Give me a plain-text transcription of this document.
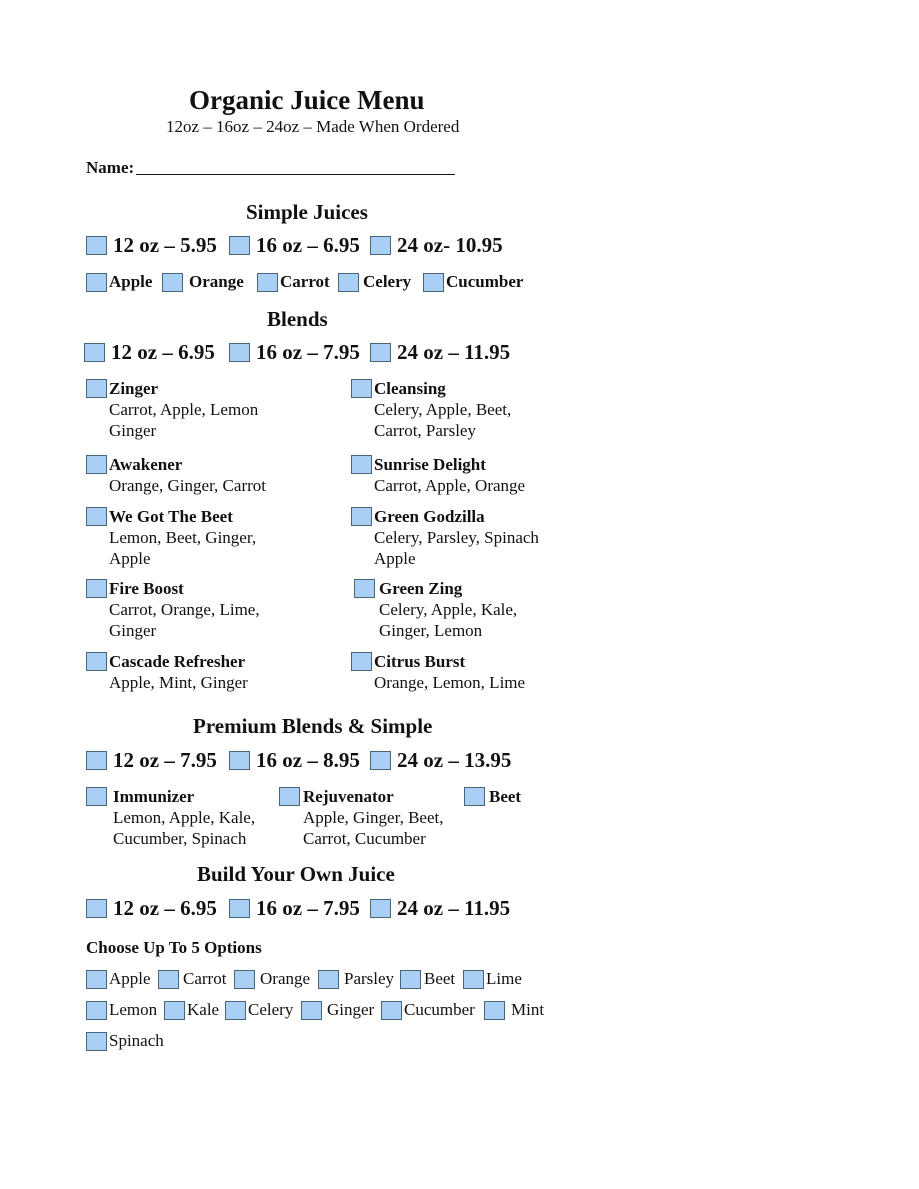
Organic Juice Menu
12oz – 16oz – 24oz – Made When Ordered
Name:
Simple Juices
12 oz – 5.95 16 oz – 6.95 24 oz- 10.95
Apple Orange Carrot Celery Cucumber
Blends
12 oz – 6.95 16 oz – 7.95 24 oz – 11.95
Zinger
Carrot, Apple, Lemon
Ginger
Cleansing
Celery, Apple, Beet,
Carrot, Parsley
Awakener
Orange, Ginger, Carrot
Sunrise Delight
Carrot, Apple, Orange
We Got The Beet
Lemon, Beet, Ginger,
Apple
Green Godzilla
Celery, Parsley, Spinach
Apple
Fire Boost
Carrot, Orange, Lime,
Ginger
Green Zing
Celery, Apple, Kale,
Ginger, Lemon
Cascade Refresher
Apple, Mint, Ginger
Citrus Burst
Orange, Lemon, Lime
Premium Blends & Simple
12 oz – 7.95 16 oz – 8.95 24 oz – 13.95
Immunizer
Lemon, Apple, Kale,
Cucumber, Spinach
Rejuvenator
Apple, Ginger, Beet,
Carrot, Cucumber
Beet
Build Your Own Juice
12 oz – 6.95 16 oz – 7.95 24 oz – 11.95
Choose Up To 5 Options
Apple Carrot Orange Parsley Beet Lime
Lemon Kale Celery Ginger Cucumber Mint
Spinach
